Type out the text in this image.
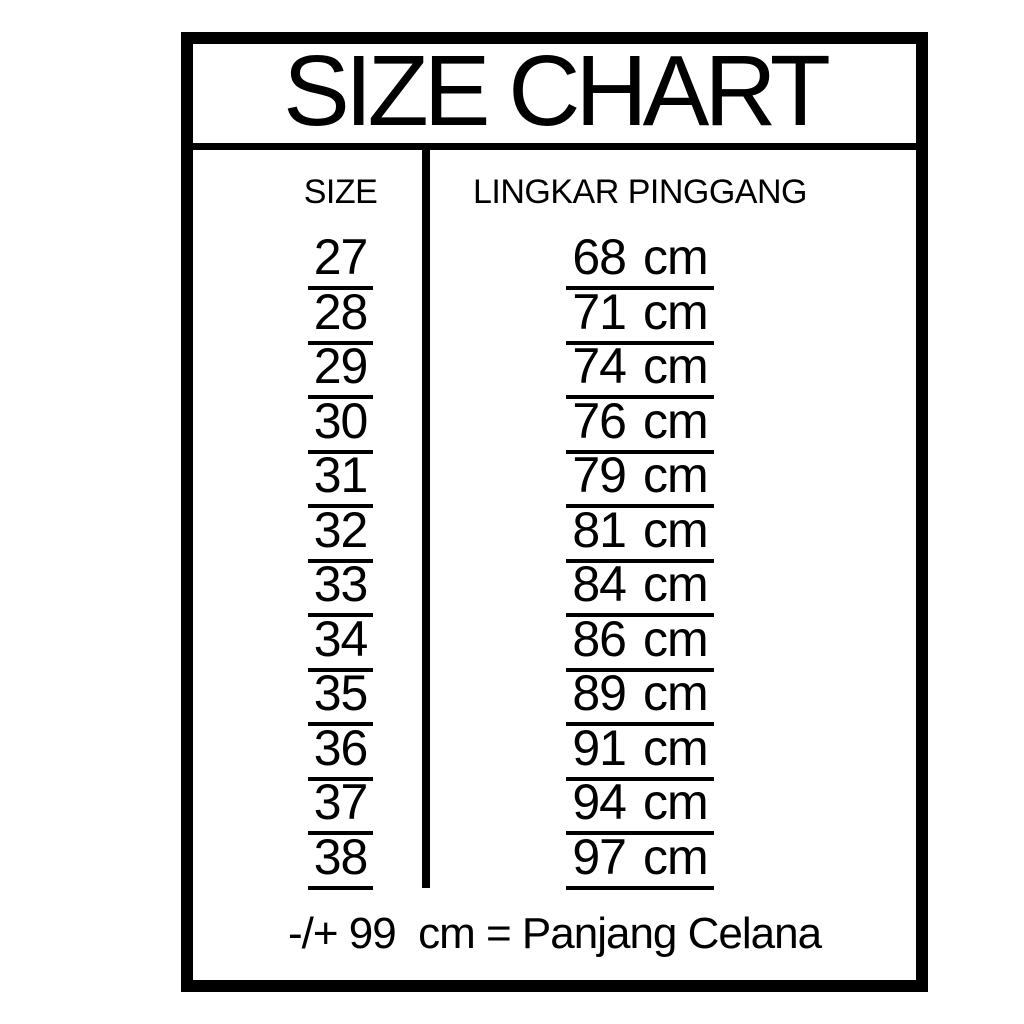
SIZE CHART
SIZE
27
28
29
30
31
32
33
34
35
36
37
38
LINGKAR PINGGANG
68 cm
71 cm
74 cm
76 cm
79 cm
81 cm
84 cm
86 cm
89 cm
91 cm
94 cm
97 cm
-/+ 99  cm = Panjang Celana
